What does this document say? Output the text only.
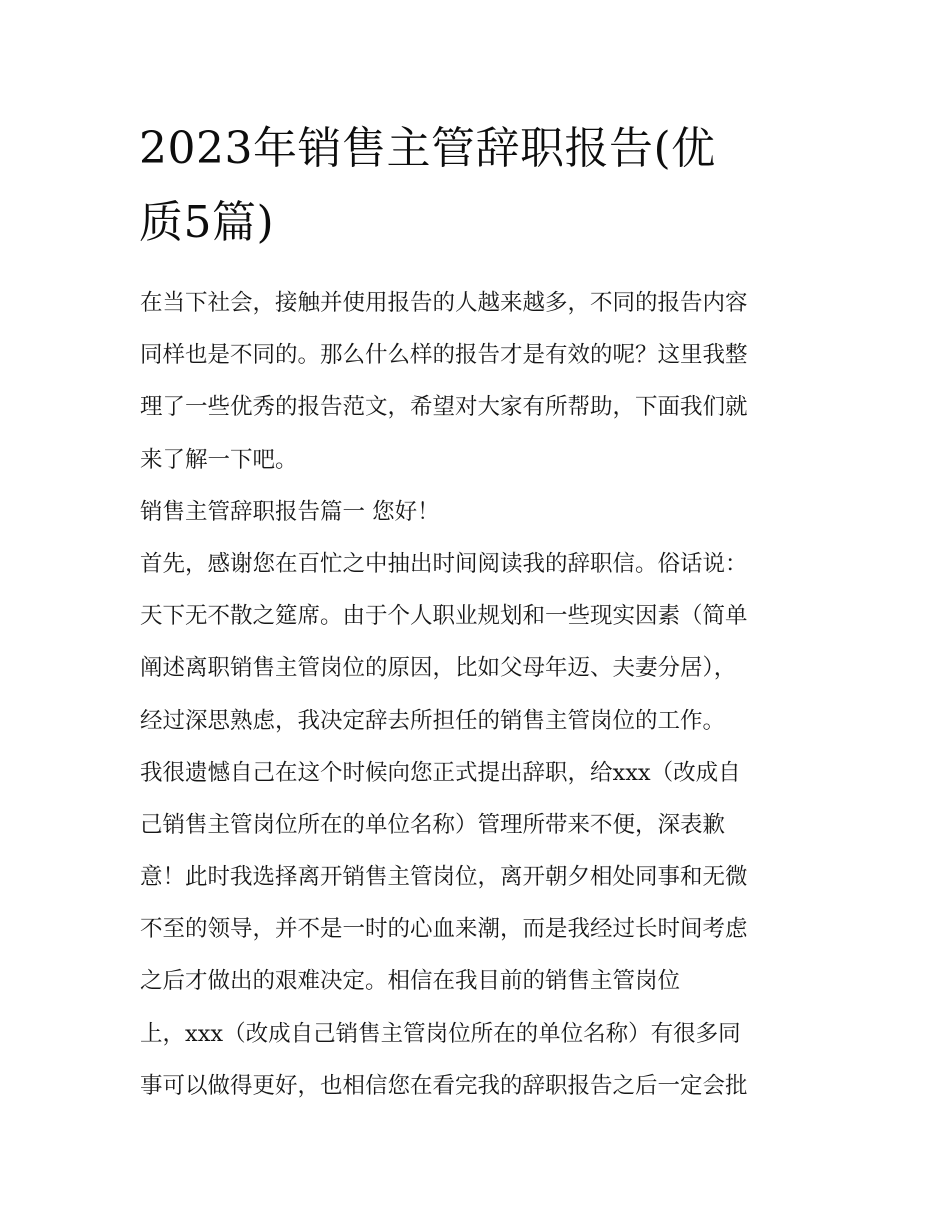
2023年销售主管辞职报告(优
质5篇)
在当下社会，接触并使用报告的人越来越多，不同的报告内容
同样也是不同的。那么什么样的报告才是有效的呢？这里我整
理了一些优秀的报告范文，希望对大家有所帮助，下面我们就
来了解一下吧。
销售主管辞职报告篇一 您好！
首先，感谢您在百忙之中抽出时间阅读我的辞职信。俗话说：
天下无不散之筵席。由于个人职业规划和一些现实因素（简单
阐述离职销售主管岗位的原因，比如父母年迈、夫妻分居），
经过深思熟虑，我决定辞去所担任的销售主管岗位的工作。
我很遗憾自己在这个时候向您正式提出辞职，给xxx（改成自
己销售主管岗位所在的单位名称）管理所带来不便，深表歉
意！此时我选择离开销售主管岗位，离开朝夕相处同事和无微
不至的领导，并不是一时的心血来潮，而是我经过长时间考虑
之后才做出的艰难决定。相信在我目前的销售主管岗位
上，xxx（改成自己销售主管岗位所在的单位名称）有很多同
事可以做得更好，也相信您在看完我的辞职报告之后一定会批
